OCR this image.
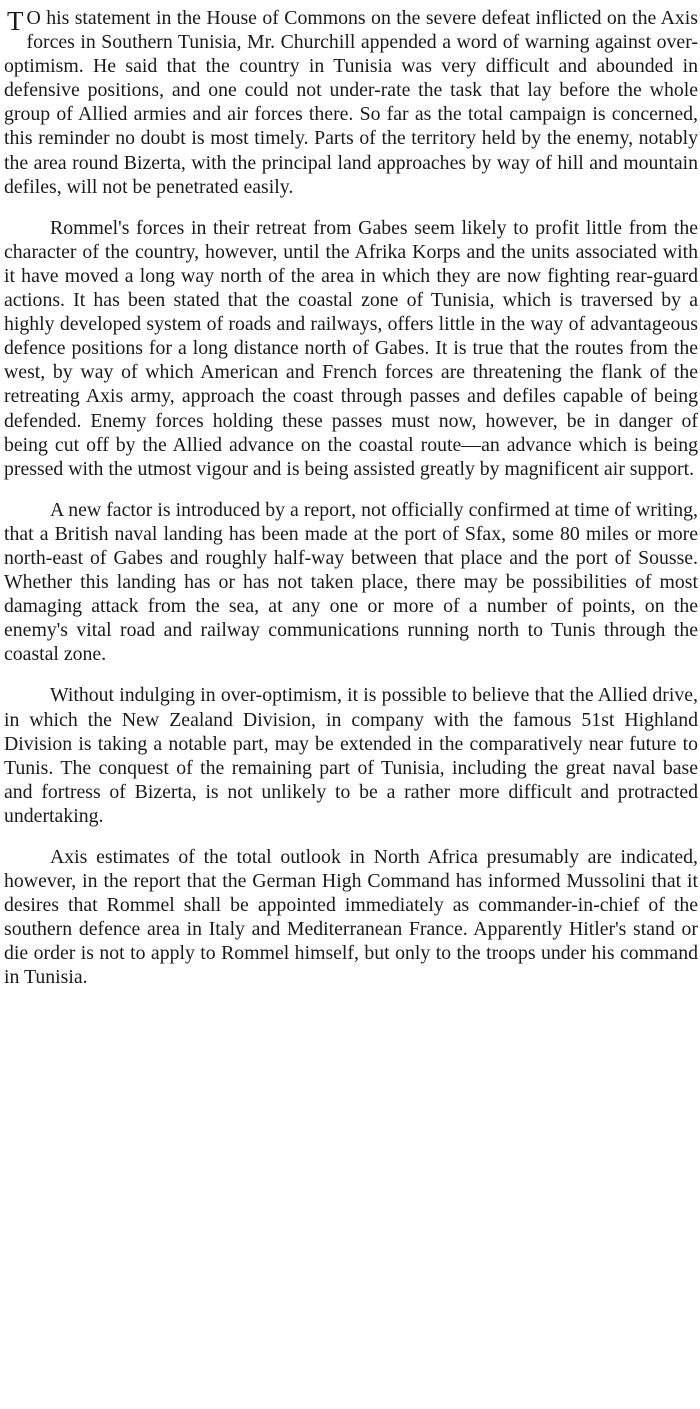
T O his statement in the House of Commons on the severe defeat inflicted on the Axis forces in Southern Tunisia, Mr. Churchill appended a word of warning against over-optimism. He said that the country in Tunisia was very difficult and abounded in defensive positions, and one could not under-rate the task that lay before the whole group of Allied armies and air forces there. So far as the total campaign is concerned, this reminder no doubt is most timely. Parts of the territory held by the enemy, notably the area round Bizerta, with the principal land approaches by way of hill and mountain defiles, will not be penetrated easily.

Rommel's forces in their retreat from Gabes seem likely to profit little from the character of the country, however, until the Afrika Korps and the units associated with it have moved a long way north of the area in which they are now fighting rear-guard actions. It has been stated that the coastal zone of Tunisia, which is traversed by a highly developed system of roads and railways, offers little in the way of advantageous defence positions for a long distance north of Gabes. It is true that the routes from the west, by way of which American and French forces are threatening the flank of the retreating Axis army, approach the coast through passes and defiles capable of being defended. Enemy forces holding these passes must now, however, be in danger of being cut off by the Allied advance on the coastal route—an advance which is being pressed with the utmost vigour and is being assisted greatly by magnificent air support.

A new factor is introduced by a report, not officially confirmed at time of writing, that a British naval landing has been made at the port of Sfax, some 80 miles or more north-east of Gabes and roughly half-way between that place and the port of Sousse. Whether this landing has or has not taken place, there may be possibilities of most damaging attack from the sea, at any one or more of a number of points, on the enemy's vital road and railway communications running north to Tunis through the coastal zone.

Without indulging in over-optimism, it is possible to believe that the Allied drive, in which the New Zealand Division, in company with the famous 51st Highland Division is taking a notable part, may be extended in the comparatively near future to Tunis. The conquest of the remaining part of Tunisia, including the great naval base and fortress of Bizerta, is not unlikely to be a rather more difficult and protracted undertaking.

Axis estimates of the total outlook in North Africa presumably are indicated, however, in the report that the German High Command has informed Mussolini that it desires that Rommel shall be appointed immediately as commander-in-chief of the southern defence area in Italy and Mediterranean France. Apparently Hitler's stand or die order is not to apply to Rommel himself, but only to the troops under his command in Tunisia.
